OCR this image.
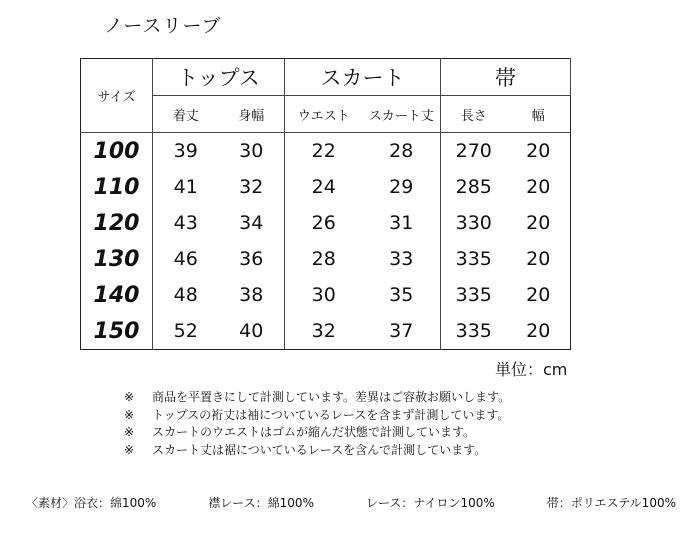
ノースリーブ
サイズ	トップス		スカート		帯	
	着丈	身幅	ウエスト	スカート丈	長さ	幅
100	39	30	22	28	270	20
110	41	32	24	29	285	20
120	43	34	26	31	330	20
130	46	36	28	33	335	20
140	48	38	30	35	335	20
150	52	40	32	37	335	20
単位：cm
※	商品を平置きにして計測しています。差異はご容赦お願いします。
※	トップスの裄丈は袖についているレースを含まず計測しています。
※	スカートのウエストはゴムが縮んだ状態で計測しています。
※	スカート丈は裾についているレースを含んで計測しています。
〈素材〉浴衣：綿100%	襟レース：綿100%	レース：ナイロン100%	帯：ポリエステル100%
